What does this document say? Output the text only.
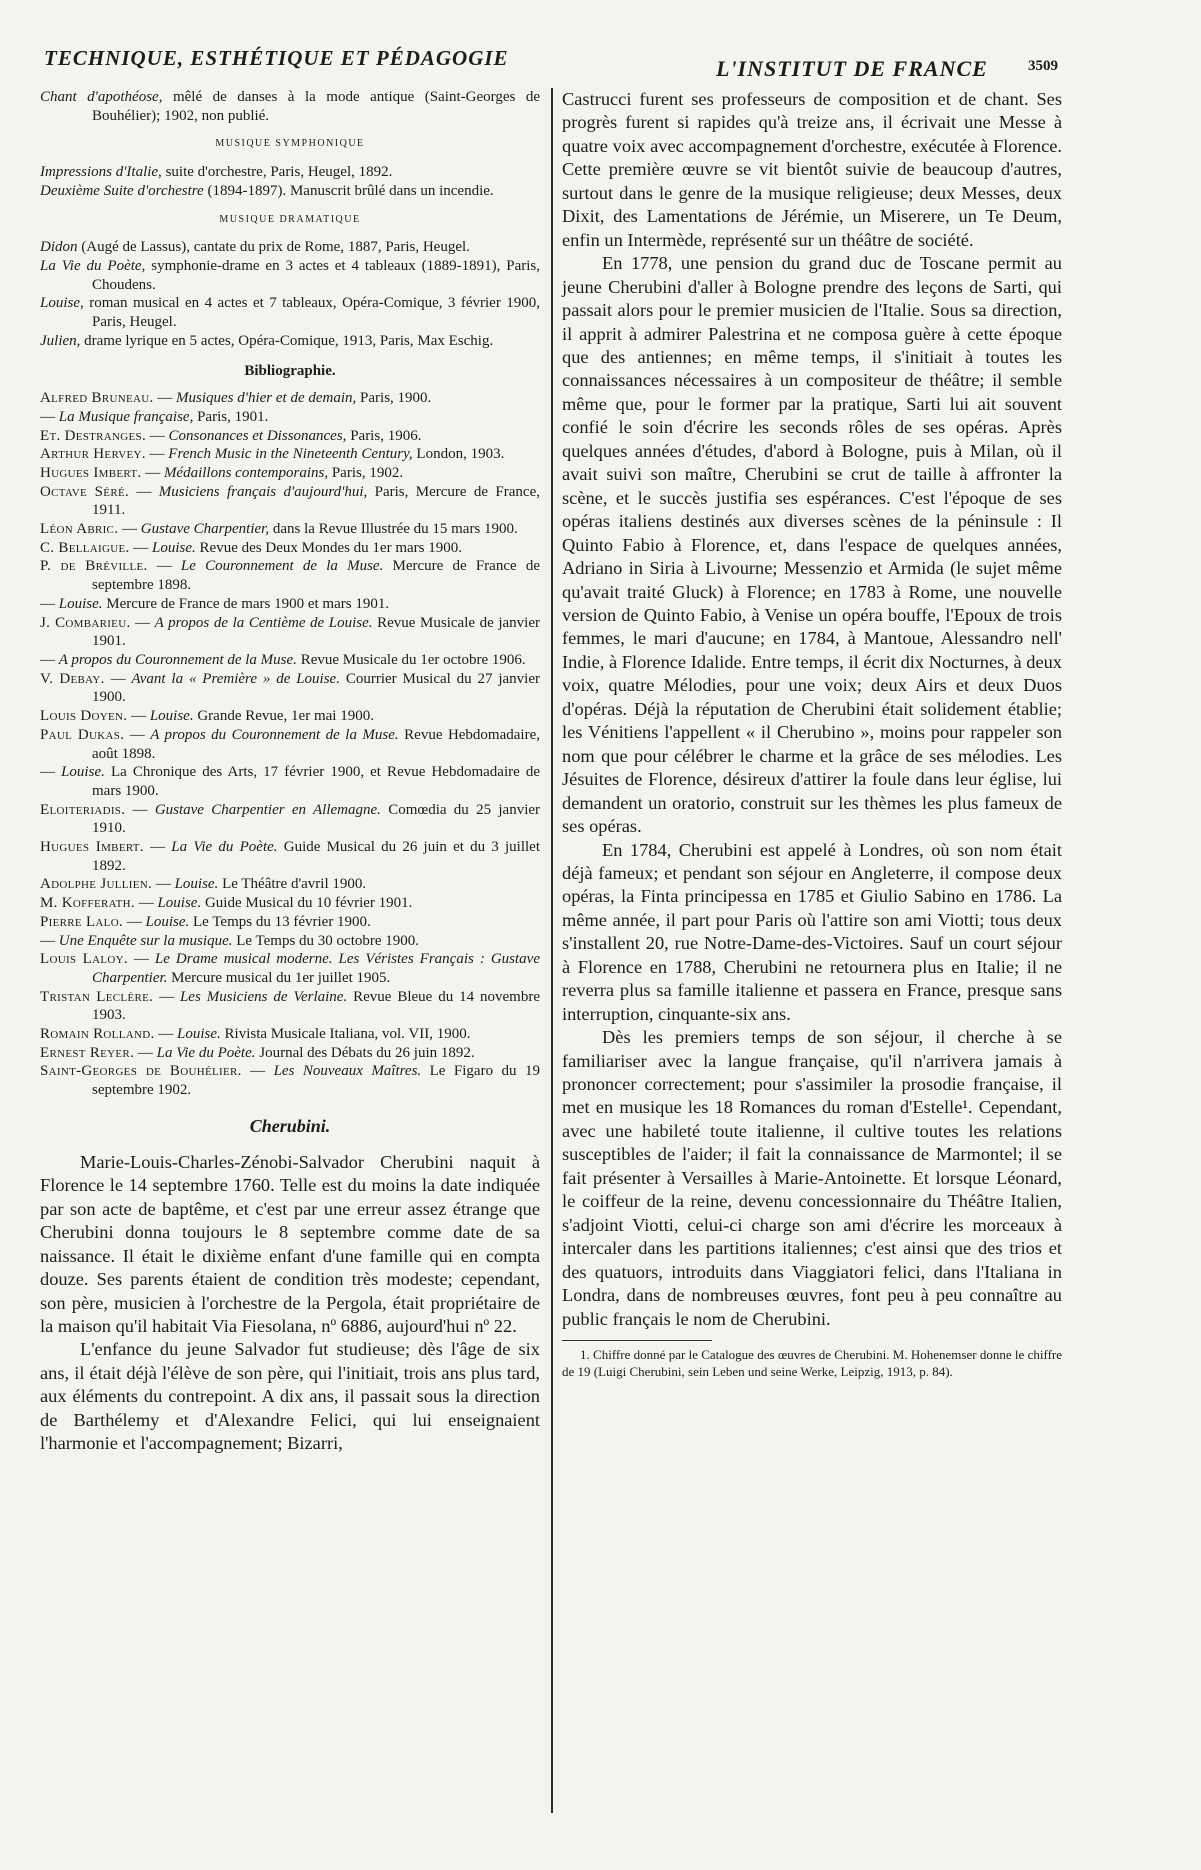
TECHNIQUE, ESTHÉTIQUE ET PÉDAGOGIE	L'INSTITUT DE FRANCE	3509

Chant d'apothéose, mêlé de danses à la mode antique (Saint-Georges de Bouhélier); 1902, non publié.

MUSIQUE SYMPHONIQUE

Impressions d'Italie, suite d'orchestre, Paris, Heugel, 1892.

Deuxième Suite d'orchestre (1894-1897). Manuscrit brûlé dans un incendie.

MUSIQUE DRAMATIQUE

Didon (Augé de Lassus), cantate du prix de Rome, 1887, Paris, Heugel.

La Vie du Poète, symphonie-drame en 3 actes et 4 tableaux (1889-1891), Paris, Choudens.

Louise, roman musical en 4 actes et 7 tableaux, Opéra-Comique, 3 février 1900, Paris, Heugel.

Julien, drame lyrique en 5 actes, Opéra-Comique, 1913, Paris, Max Eschig.

Bibliographie.

Alfred Bruneau. — Musiques d'hier et de demain, Paris, 1900.

— La Musique française, Paris, 1901.

Et. Destranges. — Consonances et Dissonances, Paris, 1906.

Arthur Hervey. — French Music in the Nineteenth Century, London, 1903.

Hugues Imbert. — Médaillons contemporains, Paris, 1902.

Octave Séré. — Musiciens français d'aujourd'hui, Paris, Mercure de France, 1911.

Léon Abric. — Gustave Charpentier, dans la Revue Illustrée du 15 mars 1900.

C. Bellaigue. — Louise. Revue des Deux Mondes du 1er mars 1900.

P. de Bréville. — Le Couronnement de la Muse. Mercure de France de septembre 1898.

— Louise. Mercure de France de mars 1900 et mars 1901.

J. Combarieu. — A propos de la Centième de Louise. Revue Musicale de janvier 1901.

— A propos du Couronnement de la Muse. Revue Musicale du 1er octobre 1906.

V. Debay. — Avant la « Première » de Louise. Courrier Musical du 27 janvier 1900.

Louis Doyen. — Louise. Grande Revue, 1er mai 1900.

Paul Dukas. — A propos du Couronnement de la Muse. Revue Hebdomadaire, août 1898.

— Louise. La Chronique des Arts, 17 février 1900, et Revue Hebdomadaire de mars 1900.

Eloiteriadis. — Gustave Charpentier en Allemagne. Comœdia du 25 janvier 1910.

Hugues Imbert. — La Vie du Poète. Guide Musical du 26 juin et du 3 juillet 1892.

Adolphe Jullien. — Louise. Le Théâtre d'avril 1900.

M. Kofferath. — Louise. Guide Musical du 10 février 1901.

Pierre Lalo. — Louise. Le Temps du 13 février 1900.

— Une Enquête sur la musique. Le Temps du 30 octobre 1900.

Louis Laloy. — Le Drame musical moderne. Les Véristes Français : Gustave Charpentier. Mercure musical du 1er juillet 1905.

Tristan Leclère. — Les Musiciens de Verlaine. Revue Bleue du 14 novembre 1903.

Romain Rolland. — Louise. Rivista Musicale Italiana, vol. VII, 1900.

Ernest Reyer. — La Vie du Poète. Journal des Débats du 26 juin 1892.

Saint-Georges de Bouhélier. — Les Nouveaux Maîtres. Le Figaro du 19 septembre 1902.

Cherubini.

Marie-Louis-Charles-Zénobi-Salvador Cherubini naquit à Florence le 14 septembre 1760. Telle est du moins la date indiquée par son acte de baptême, et c'est par une erreur assez étrange que Cherubini donna toujours le 8 septembre comme date de sa naissance. Il était le dixième enfant d'une famille qui en compta douze. Ses parents étaient de condition très modeste; cependant, son père, musicien à l'orchestre de la Pergola, était propriétaire de la maison qu'il habitait Via Fiesolana, nº 6886, aujourd'hui nº 22.

L'enfance du jeune Salvador fut studieuse; dès l'âge de six ans, il était déjà l'élève de son père, qui l'initiait, trois ans plus tard, aux éléments du contrepoint. A dix ans, il passait sous la direction de Barthélemy et d'Alexandre Felici, qui lui enseignaient l'harmonie et l'accompagnement; Bizarri,

Castrucci furent ses professeurs de composition et de chant. Ses progrès furent si rapides qu'à treize ans, il écrivait une Messe à quatre voix avec accompagnement d'orchestre, exécutée à Florence. Cette première œuvre se vit bientôt suivie de beaucoup d'autres, surtout dans le genre de la musique religieuse; deux Messes, deux Dixit, des Lamentations de Jérémie, un Miserere, un Te Deum, enfin un Intermède, représenté sur un théâtre de société.

En 1778, une pension du grand duc de Toscane permit au jeune Cherubini d'aller à Bologne prendre des leçons de Sarti, qui passait alors pour le premier musicien de l'Italie. Sous sa direction, il apprit à admirer Palestrina et ne composa guère à cette époque que des antiennes; en même temps, il s'initiait à toutes les connaissances nécessaires à un compositeur de théâtre; il semble même que, pour le former par la pratique, Sarti lui ait souvent confié le soin d'écrire les seconds rôles de ses opéras. Après quelques années d'études, d'abord à Bologne, puis à Milan, où il avait suivi son maître, Cherubini se crut de taille à affronter la scène, et le succès justifia ses espérances. C'est l'époque de ses opéras italiens destinés aux diverses scènes de la péninsule : Il Quinto Fabio à Florence, et, dans l'espace de quelques années, Adriano in Siria à Livourne; Messenzio et Armida (le sujet même qu'avait traité Gluck) à Florence; en 1783 à Rome, une nouvelle version de Quinto Fabio, à Venise un opéra bouffe, l'Epoux de trois femmes, le mari d'aucune; en 1784, à Mantoue, Alessandro nell' Indie, à Florence Idalide. Entre temps, il écrit dix Nocturnes, à deux voix, quatre Mélodies, pour une voix; deux Airs et deux Duos d'opéras. Déjà la réputation de Cherubini était solidement établie; les Vénitiens l'appellent « il Cherubino », moins pour rappeler son nom que pour célébrer le charme et la grâce de ses mélodies. Les Jésuites de Florence, désireux d'attirer la foule dans leur église, lui demandent un oratorio, construit sur les thèmes les plus fameux de ses opéras.

En 1784, Cherubini est appelé à Londres, où son nom était déjà fameux; et pendant son séjour en Angleterre, il compose deux opéras, la Finta principessa en 1785 et Giulio Sabino en 1786. La même année, il part pour Paris où l'attire son ami Viotti; tous deux s'installent 20, rue Notre-Dame-des-Victoires. Sauf un court séjour à Florence en 1788, Cherubini ne retournera plus en Italie; il ne reverra plus sa famille italienne et passera en France, presque sans interruption, cinquante-six ans.

Dès les premiers temps de son séjour, il cherche à se familiariser avec la langue française, qu'il n'arrivera jamais à prononcer correctement; pour s'assimiler la prosodie française, il met en musique les 18 Romances du roman d'Estelle¹. Cependant, avec une habileté toute italienne, il cultive toutes les relations susceptibles de l'aider; il fait la connaissance de Marmontel; il se fait présenter à Versailles à Marie-Antoinette. Et lorsque Léonard, le coiffeur de la reine, devenu concessionnaire du Théâtre Italien, s'adjoint Viotti, celui-ci charge son ami d'écrire les morceaux à intercaler dans les partitions italiennes; c'est ainsi que des trios et des quatuors, introduits dans Viaggiatori felici, dans l'Italiana in Londra, dans de nombreuses œuvres, font peu à peu connaître au public français le nom de Cherubini.

1. Chiffre donné par le Catalogue des œuvres de Cherubini. M. Hohenemser donne le chiffre de 19 (Luigi Cherubini, sein Leben und seine Werke, Leipzig, 1913, p. 84).
